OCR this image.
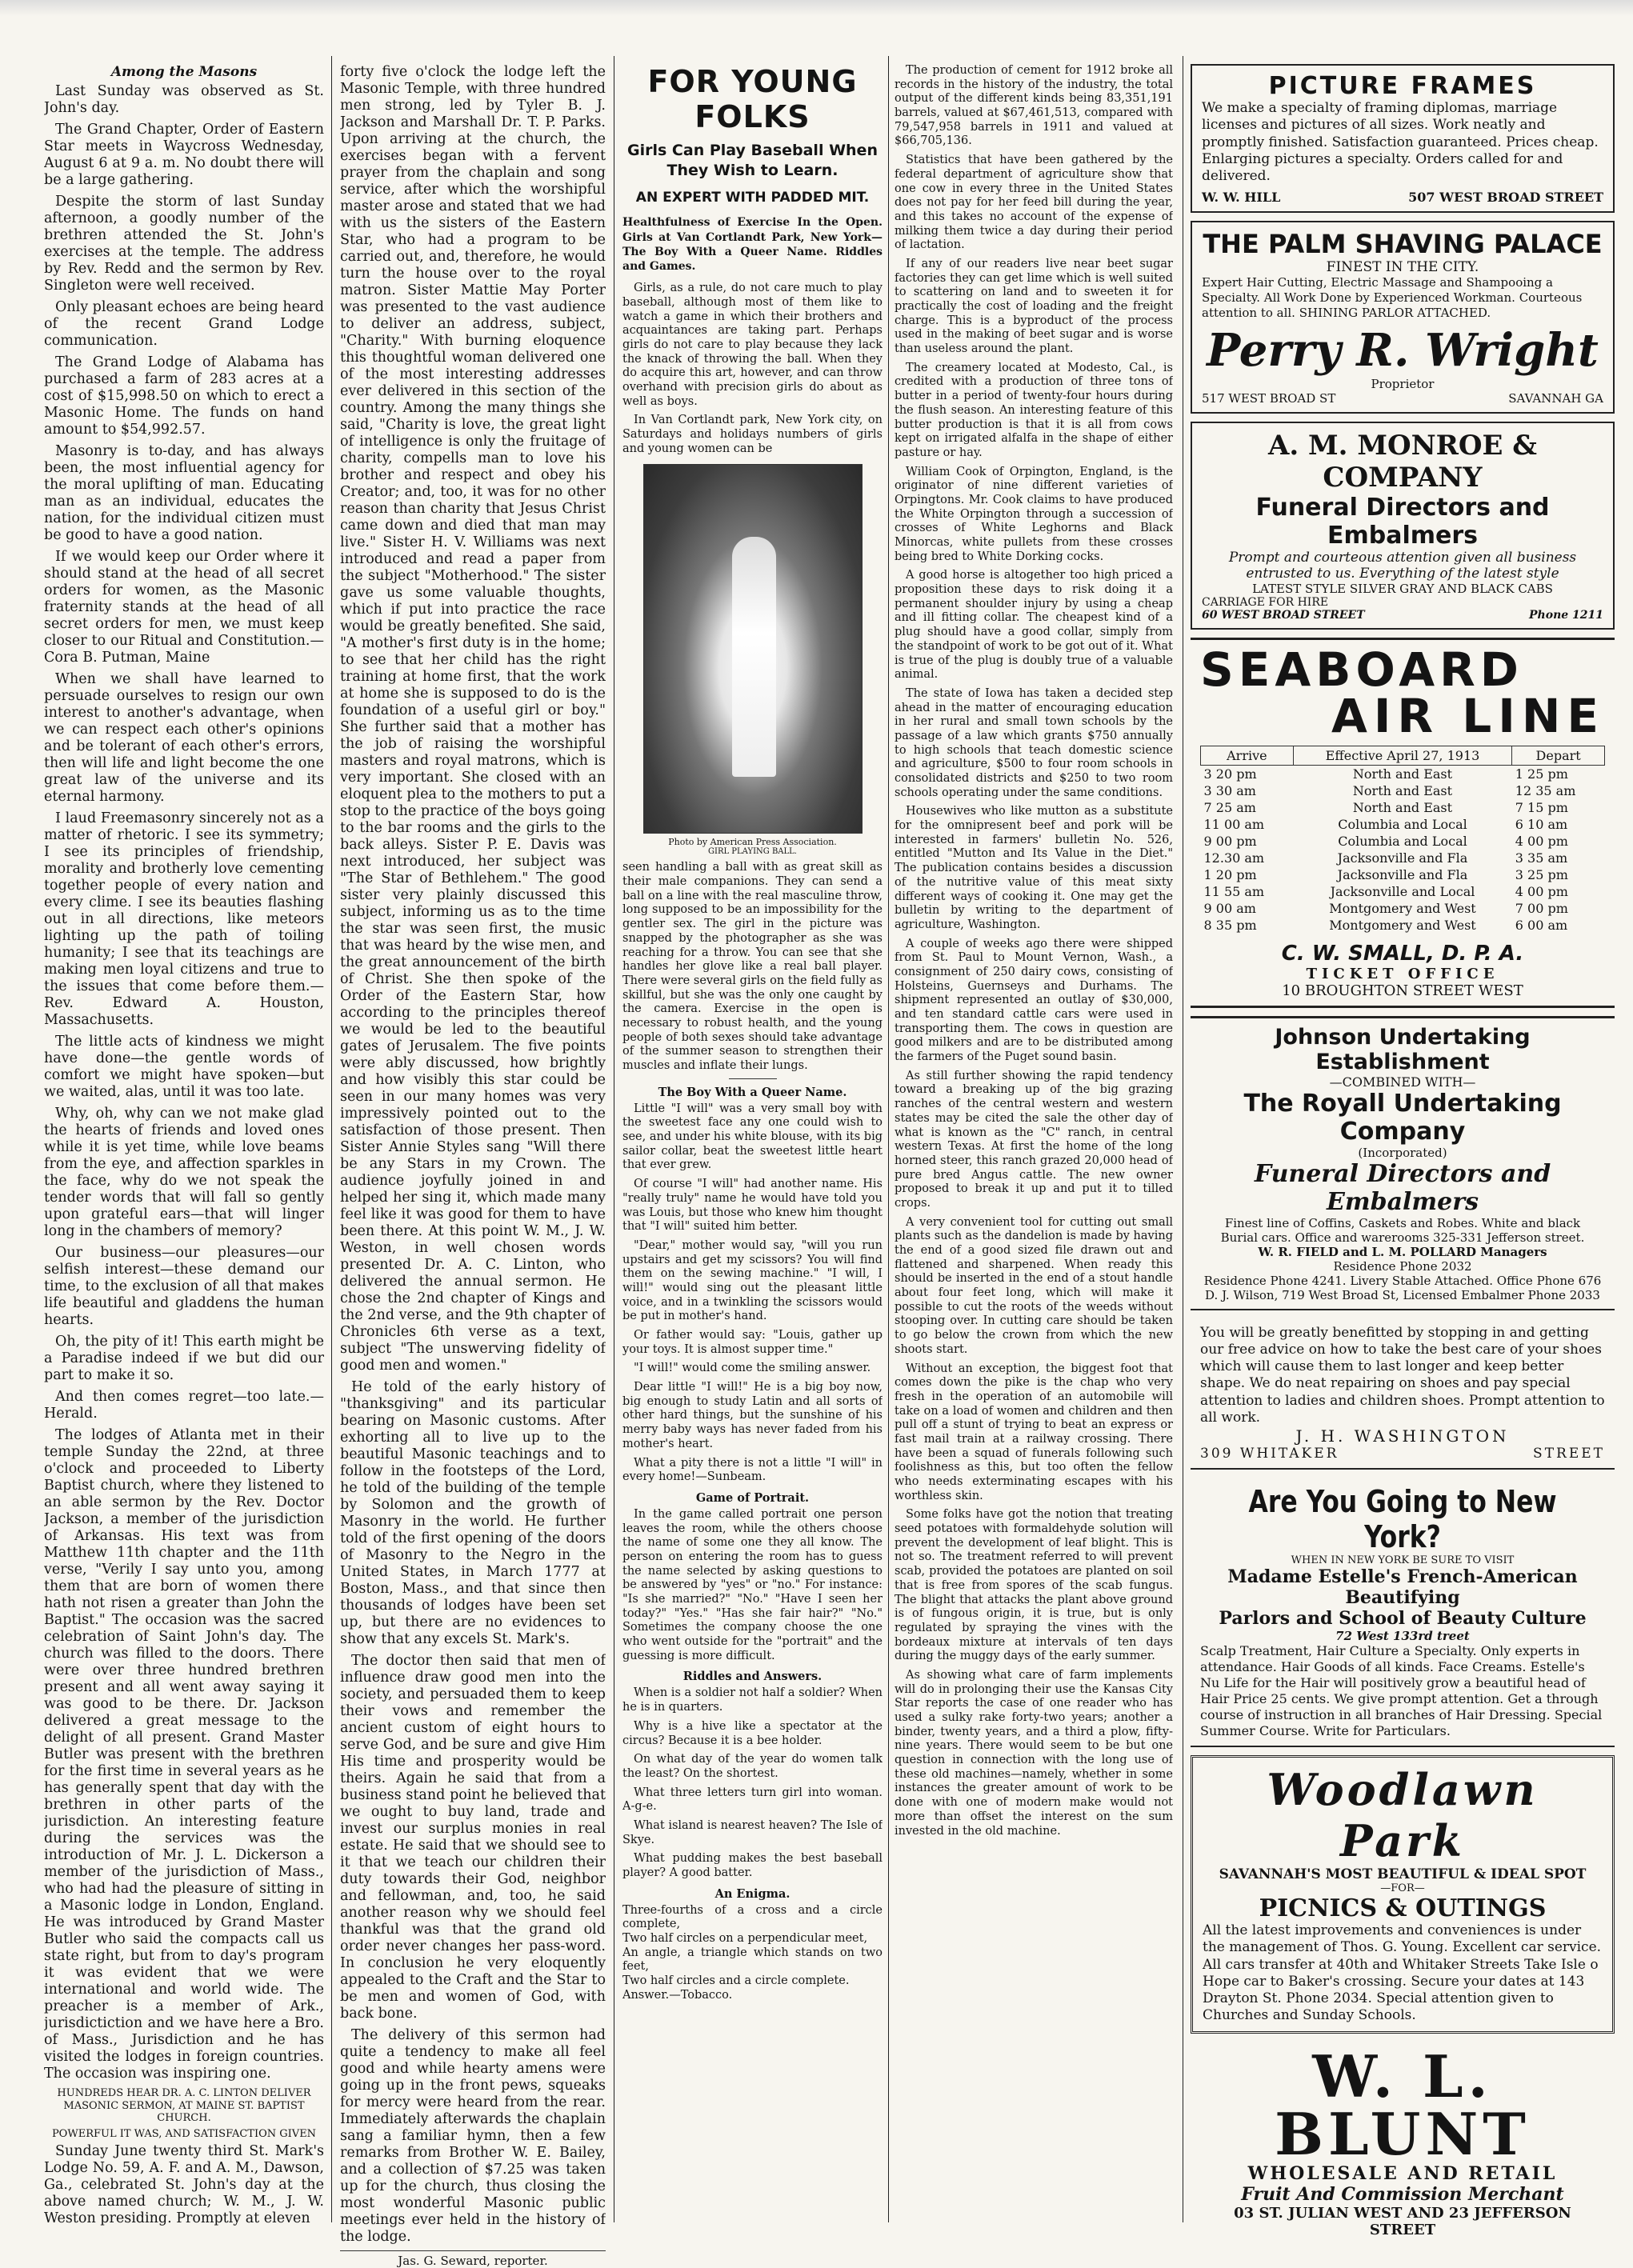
Among the Masons

Last Sunday was observed as St. John's day.

The Grand Chapter, Order of Eastern Star meets in Waycross Wednesday, August 6 at 9 a. m. No doubt there will be a large gathering.

Despite the storm of last Sunday afternoon, a goodly number of the brethren attended the St. John's exercises at the temple. The address by Rev. Redd and the sermon by Rev. Singleton were well received.

Only pleasant echoes are being heard of the recent Grand Lodge communication.

The Grand Lodge of Alabama has purchased a farm of 283 acres at a cost of $15,998.50 on which to erect a Masonic Home. The funds on hand amount to $54,992.57.

Masonry is to-day, and has always been, the most influential agency for the moral uplifting of man. Educating man as an individual, educates the nation, for the individual citizen must be good to have a good nation.

If we would keep our Order where it should stand at the head of all secret orders for women, as the Masonic fraternity stands at the head of all secret orders for men, we must keep closer to our Ritual and Constitution.—Cora B. Putman, Maine

When we shall have learned to persuade ourselves to resign our own interest to another's advantage, when we can respect each other's opinions and be tolerant of each other's errors, then will life and light become the one great law of the universe and its eternal harmony.

I laud Freemasonry sincerely not as a matter of rhetoric. I see its symmetry; I see its principles of friendship, morality and brotherly love cementing together people of every nation and every clime. I see its beauties flashing out in all directions, like meteors lighting up the path of toiling humanity; I see that its teachings are making men loyal citizens and true to the issues that come before them.—Rev. Edward A. Houston, Massachusetts.

The little acts of kindness we might have done—the gentle words of comfort we might have spoken—but we waited, alas, until it was too late.

Why, oh, why can we not make glad the hearts of friends and loved ones while it is yet time, while love beams from the eye, and affection sparkles in the face, why do we not speak the tender words that will fall so gently upon grateful ears—that will linger long in the chambers of memory?

Our business—our pleasures—our selfish interest—these demand our time, to the exclusion of all that makes life beautiful and gladdens the human hearts.

Oh, the pity of it! This earth might be a Paradise indeed if we but did our part to make it so.

And then comes regret—too late.—Herald.

The lodges of Atlanta met in their temple Sunday the 22nd, at three o'clock and proceeded to Liberty Baptist church, where they listened to an able sermon by the Rev. Doctor Jackson, a member of the jurisdiction of Arkansas. His text was from Matthew 11th chapter and the 11th verse, "Verily I say unto you, among them that are born of women there hath not risen a greater than John the Baptist." The occasion was the sacred celebration of Saint John's day. The church was filled to the doors. There were over three hundred brethren present and all went away saying it was good to be there. Dr. Jackson delivered a great message to the delight of all present. Grand Master Butler was present with the brethren for the first time in several years as he has generally spent that day with the brethren in other parts of the jurisdiction. An interesting feature during the services was the introduction of Mr. J. L. Dickerson a member of the jurisdiction of Mass., who had had the pleasure of sitting in a Masonic lodge in London, England. He was introduced by Grand Master Butler who said the compacts call us state right, but from to day's program it was evident that we were international and world wide. The preacher is a member of Ark., jurisdictiction and we have here a Bro. of Mass., Jurisdiction and he has visited the lodges in foreign countries. The occasion was inspiring one.

HUNDREDS HEAR DR. A. C. LINTON DELIVER MASONIC SERMON, AT MAINE ST. BAPTIST CHURCH.
POWERFUL IT WAS, AND SATISFACTION GIVEN

Sunday June twenty third St. Mark's Lodge No. 59, A. F. and A. M., Dawson, Ga., celebrated St. John's day at the above named church; W. M., J. W. Weston presiding. Promptly at eleven

forty five o'clock the lodge left the Masonic Temple, with three hundred men strong, led by Tyler B. J. Jackson and Marshall Dr. T. P. Parks. Upon arriving at the church, the exercises began with a fervent prayer from the chaplain and song service, after which the worshipful master arose and stated that we had with us the sisters of the Eastern Star, who had a program to be carried out, and, therefore, he would turn the house over to the royal matron. Sister Mattie May Porter was presented to the vast audience to deliver an address, subject, "Charity." With burning eloquence this thoughtful woman delivered one of the most interesting addresses ever delivered in this section of the country. Among the many things she said, "Charity is love, the great light of intelligence is only the fruitage of charity, compells man to love his brother and respect and obey his Creator; and, too, it was for no other reason than charity that Jesus Christ came down and died that man may live." Sister H. V. Williams was next introduced and read a paper from the subject "Motherhood." The sister gave us some valuable thoughts, which if put into practice the race would be greatly benefited. She said, "A mother's first duty is in the home; to see that her child has the right training at home first, that the work at home she is supposed to do is the foundation of a useful girl or boy." She further said that a mother has the job of raising the worshipful masters and royal matrons, which is very important. She closed with an eloquent plea to the mothers to put a stop to the practice of the boys going to the bar rooms and the girls to the back alleys. Sister P. E. Davis was next introduced, her subject was "The Star of Bethlehem." The good sister very plainly discussed this subject, informing us as to the time the star was seen first, the music that was heard by the wise men, and the great announcement of the birth of Christ. She then spoke of the Order of the Eastern Star, how according to the principles thereof we would be led to the beautiful gates of Jerusalem. The five points were ably discussed, how brightly and how visibly this star could be seen in our many homes was very impressively pointed out to the satisfaction of those present. Then Sister Annie Styles sang "Will there be any Stars in my Crown. The audience joyfully joined in and helped her sing it, which made many feel like it was good for them to have been there. At this point W. M., J. W. Weston, in well chosen words presented Dr. A. C. Linton, who delivered the annual sermon. He chose the 2nd chapter of Kings and the 2nd verse, and the 9th chapter of Chronicles 6th verse as a text, subject "The unswerving fidelity of good men and women."

He told of the early history of "thanksgiving" and its particular bearing on Masonic customs. After exhorting all to live up to the beautiful Masonic teachings and to follow in the footsteps of the Lord, he told of the building of the temple by Solomon and the growth of Masonry in the world. He further told of the first opening of the doors of Masonry to the Negro in the United States, in March 1777 at Boston, Mass., and that since then thousands of lodges have been set up, but there are no evidences to show that any excels St. Mark's.

The doctor then said that men of influence draw good men into the society, and persuaded them to keep their vows and remember the ancient custom of eight hours to serve God, and be sure and give Him His time and prosperity would be theirs. Again he said that from a business stand point he believed that we ought to buy land, trade and invest our surplus monies in real estate. He said that we should see to it that we teach our children their duty towards their God, neighbor and fellowman, and, too, he said another reason why we should feel thankful was that the grand old order never changes her pass-word. In conclusion he very eloquently appealed to the Craft and the Star to be men and women of God, with back bone.

The delivery of this sermon had quite a tendency to make all feel good and while hearty amens were going up in the front pews, squeaks for mercy were heard from the rear. Immediately afterwards the chaplain sang a familiar hymn, then a few remarks from Brother W. E. Bailey, and a collection of $7.25 was taken up for the church, thus closing the most wonderful Masonic public meetings ever held in the history of the lodge.

Jas. G. Seward, reporter.
FOR YOUNG FOLKS
Girls Can Play Baseball When They Wish to Learn.
AN EXPERT WITH PADDED MIT.
Healthfulness of Exercise In the Open. Girls at Van Cortlandt Park, New York—The Boy With a Queer Name. Riddles and Games.

Girls, as a rule, do not care much to play baseball, although most of them like to watch a game in which their brothers and acquaintances are taking part. Perhaps girls do not care to play because they lack the knack of throwing the ball. When they do acquire this art, however, and can throw overhand with precision girls do about as well as boys.

In Van Cortlandt park, New York city, on Saturdays and holidays numbers of girls and young women can be

Photo by American Press Association.
GIRL PLAYING BALL.

seen handling a ball with as great skill as their male companions. They can send a ball on a line with the real masculine throw, long supposed to be an impossibility for the gentler sex. The girl in the picture was snapped by the photographer as she was reaching for a throw. You can see that she handles her glove like a real ball player. There were several girls on the field fully as skillful, but she was the only one caught by the camera. Exercise in the open is necessary to robust health, and the young people of both sexes should take advantage of the summer season to strengthen their muscles and inflate their lungs.

The Boy With a Queer Name.

Little "I will" was a very small boy with the sweetest face any one could wish to see, and under his white blouse, with its big sailor collar, beat the sweetest little heart that ever grew.

Of course "I will" had another name. His "really truly" name he would have told you was Louis, but those who knew him thought that "I will" suited him better.

"Dear," mother would say, "will you run upstairs and get my scissors? You will find them on the sewing machine." "I will, I will!" would sing out the pleasant little voice, and in a twinkling the scissors would be put in mother's hand.

Or father would say: "Louis, gather up your toys. It is almost supper time."

"I will!" would come the smiling answer.

Dear little "I will!" He is a big boy now, big enough to study Latin and all sorts of other hard things, but the sunshine of his merry baby ways has never faded from his mother's heart.

What a pity there is not a little "I will" in every home!—Sunbeam.

Game of Portrait.

In the game called portrait one person leaves the room, while the others choose the name of some one they all know. The person on entering the room has to guess the name selected by asking questions to be answered by "yes" or "no." For instance: "Is she married?" "No." "Have I seen her today?" "Yes." "Has she fair hair?" "No." Sometimes the company choose the one who went outside for the "portrait" and the guessing is more difficult.

Riddles and Answers.

When is a soldier not half a soldier? When he is in quarters.

Why is a hive like a spectator at the circus? Because it is a bee holder.

On what day of the year do women talk the least? On the shortest.

What three letters turn girl into woman. A-g-e.

What island is nearest heaven? The Isle of Skye.

What pudding makes the best baseball player? A good batter.

An Enigma.

Three-fourths of a cross and a circle complete,

Two half circles on a perpendicular meet,

An angle, a triangle which stands on two feet,

Two half circles and a circle complete.

Answer.—Tobacco.

The production of cement for 1912 broke all records in the history of the industry, the total output of the different kinds being 83,351,191 barrels, valued at $67,461,513, compared with 79,547,958 barrels in 1911 and valued at $66,705,136.

Statistics that have been gathered by the federal department of agriculture show that one cow in every three in the United States does not pay for her feed bill during the year, and this takes no account of the expense of milking them twice a day during their period of lactation.

If any of our readers live near beet sugar factories they can get lime which is well suited to scattering on land and to sweeten it for practically the cost of loading and the freight charge. This is a byproduct of the process used in the making of beet sugar and is worse than useless around the plant.

The creamery located at Modesto, Cal., is credited with a production of three tons of butter in a period of twenty-four hours during the flush season. An interesting feature of this butter production is that it is all from cows kept on irrigated alfalfa in the shape of either pasture or hay.

William Cook of Orpington, England, is the originator of nine different varieties of Orpingtons. Mr. Cook claims to have produced the White Orpington through a succession of crosses of White Leghorns and Black Minorcas, white pullets from these crosses being bred to White Dorking cocks.

A good horse is altogether too high priced a proposition these days to risk doing it a permanent shoulder injury by using a cheap and ill fitting collar. The cheapest kind of a plug should have a good collar, simply from the standpoint of work to be got out of it. What is true of the plug is doubly true of a valuable animal.

The state of Iowa has taken a decided step ahead in the matter of encouraging education in her rural and small town schools by the passage of a law which grants $750 annually to high schools that teach domestic science and agriculture, $500 to four room schools in consolidated districts and $250 to two room schools operating under the same conditions.

Housewives who like mutton as a substitute for the omnipresent beef and pork will be interested in farmers' bulletin No. 526, entitled "Mutton and Its Value in the Diet." The publication contains besides a discussion of the nutritive value of this meat sixty different ways of cooking it. One may get the bulletin by writing to the department of agriculture, Washington.

A couple of weeks ago there were shipped from St. Paul to Mount Vernon, Wash., a consignment of 250 dairy cows, consisting of Holsteins, Guernseys and Durhams. The shipment represented an outlay of $30,000, and ten standard cattle cars were used in transporting them. The cows in question are good milkers and are to be distributed among the farmers of the Puget sound basin.

As still further showing the rapid tendency toward a breaking up of the big grazing ranches of the central western and western states may be cited the sale the other day of what is known as the "C" ranch, in central western Texas. At first the home of the long horned steer, this ranch grazed 20,000 head of pure bred Angus cattle. The new owner proposed to break it up and put it to tilled crops.

A very convenient tool for cutting out small plants such as the dandelion is made by having the end of a good sized file drawn out and flattened and sharpened. When ready this should be inserted in the end of a stout handle about four feet long, which will make it possible to cut the roots of the weeds without stooping over. In cutting care should be taken to go below the crown from which the new shoots start.

Without an exception, the biggest foot that comes down the pike is the chap who very fresh in the operation of an automobile will take on a load of women and children and then pull off a stunt of trying to beat an express or fast mail train at a railway crossing. There have been a squad of funerals following such foolishness as this, but too often the fellow who needs exterminating escapes with his worthless skin.

Some folks have got the notion that treating seed potatoes with formaldehyde solution will prevent the development of leaf blight. This is not so. The treatment referred to will prevent scab, provided the potatoes are planted on soil that is free from spores of the scab fungus. The blight that attacks the plant above ground is of fungous origin, it is true, but is only regulated by spraying the vines with the bordeaux mixture at intervals of ten days during the muggy days of the early summer.

As showing what care of farm implements will do in prolonging their use the Kansas City Star reports the case of one reader who has used a sulky rake forty-two years; another a binder, twenty years, and a third a plow, fifty-nine years. There would seem to be but one question in connection with the long use of these old machines—namely, whether in some instances the greater amount of work to be done with one of modern make would not more than offset the interest on the sum invested in the old machine.

PICTURE FRAMES
We make a specialty of framing diplomas, marriage licenses and pictures of all sizes. Work neatly and promptly finished. Satisfaction guaranteed. Prices cheap. Enlarging pictures a specialty. Orders called for and delivered.
W. W. HILL	507 WEST BROAD STREET
THE PALM SHAVING PALACE
FINEST IN THE CITY.
Expert Hair Cutting, Electric Massage and Shampooing a Specialty. All Work Done by Experienced Workman. Courteous attention to all. SHINING PARLOR ATTACHED.
Perry R. Wright
Proprietor
517 WEST BROAD ST	SAVANNAH GA
A. M. MONROE & COMPANY
Funeral Directors and Embalmers
Prompt and courteous attention given all business entrusted to us. Everything of the latest style
LATEST STYLE SILVER GRAY AND BLACK CABS
CARRIAGE FOR HIRE
60 WEST BROAD STREET	Phone 1211
SEABOARD
AIR LINE
Arrive	Effective April 27, 1913	Depart
3 20 pm	North and East	1 25 pm
3 30 am	North and East	12 35 am
7 25 am	North and East	7 15 pm
11 00 am	Columbia and Local	6 10 am
9 00 pm	Columbia and Local	4 00 pm
12.30 am	Jacksonville and Fla	3 35 am
1 20 pm	Jacksonville and Fla	3 25 pm
11 55 am	Jacksonville and Local	4 00 pm
9 00 am	Montgomery and West	7 00 pm
8 35 pm	Montgomery and West	6 00 am
C. W. SMALL, D. P. A.
TICKET OFFICE
10 BROUGHTON STREET WEST
Johnson Undertaking Establishment
—COMBINED WITH—
The Royall Undertaking Company
(Incorporated)
Funeral Directors and Embalmers
Finest line of Coffins, Caskets and Robes. White and black
Burial cars. Office and warerooms 325-331 Jefferson street.
W. R. FIELD and L. M. POLLARD Managers
Residence Phone 2032
Residence Phone 4241. Livery Stable Attached. Office Phone 676
D. J. Wilson, 719 West Broad St, Licensed Embalmer Phone 2033
You will be greatly benefitted by stopping in and getting our free advice on how to take the best care of your shoes which will cause them to last longer and keep better shape. We do neat repairing on shoes and pay special attention to ladies and children shoes. Prompt attention to all work.
J. H. WASHINGTON
309 WHITAKER	STREET
Are You Going to New York?
WHEN IN NEW YORK BE SURE TO VISIT
Madame Estelle's French-American Beautifying
Parlors and School of Beauty Culture
72 West 133rd treet
Scalp Treatment, Hair Culture a Specialty. Only experts in attendance. Hair Goods of all kinds. Face Creams. Estelle's Nu Life for the Hair will positively grow a beautiful head of Hair Price 25 cents. We give prompt attention. Get a through course of instruction in all branches of Hair Dressing. Special Summer Course. Write for Particulars.
Woodlawn Park
SAVANNAH'S MOST BEAUTIFUL & IDEAL SPOT
—FOR—
PICNICS & OUTINGS
All the latest improvements and conveniences is under the management of Thos. G. Young. Excellent car service. All cars transfer at 40th and Whitaker Streets Take Isle o Hope car to Baker's crossing. Secure your dates at 143 Drayton St. Phone 2034. Special attention given to Churches and Sunday Schools.
W. L. BLUNT
WHOLESALE AND RETAIL
Fruit And Commission Merchant
03 ST. JULIAN WEST AND 23 JEFFERSON STREET
